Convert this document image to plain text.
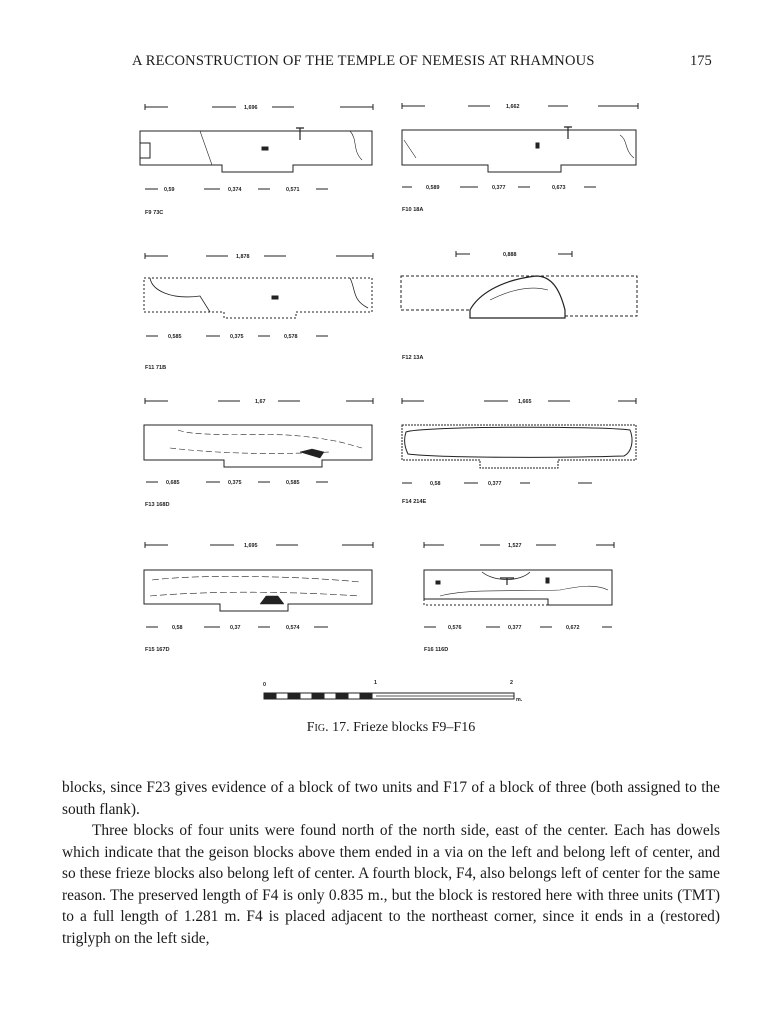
A RECONSTRUCTION OF THE TEMPLE OF NEMESIS AT RHAMNOUS	175
1,696
0,59	0,374	0,571
F9 73C
1,662
0,589	0,377	0,673
F10 18A
1,878
0,585	0,375	0,578
F11 71B
0,888
F12 13A
1,67
0,685	0,375	0,585
F13 168D
1,665
0,58	0,377
F14 214E
1,695
0,58	0,37	0,574
F15 167D
1,527
0,576	0,377	0,672
F16 116D
0	1	2
m.
Fig. 17. Frieze blocks F9–F16

blocks, since F23 gives evidence of a block of two units and F17 of a block of three (both assigned to the south flank).

Three blocks of four units were found north of the north side, east of the center. Each has dowels which indicate that the geison blocks above them ended in a via on the left and belong left of center, and so these frieze blocks also belong left of center. A fourth block, F4, also belongs left of center for the same reason. The preserved length of F4 is only 0.835 m., but the block is restored here with three units (TMT) to a full length of 1.281 m. F4 is placed adjacent to the northeast corner, since it ends in a (restored) triglyph on the left side,
